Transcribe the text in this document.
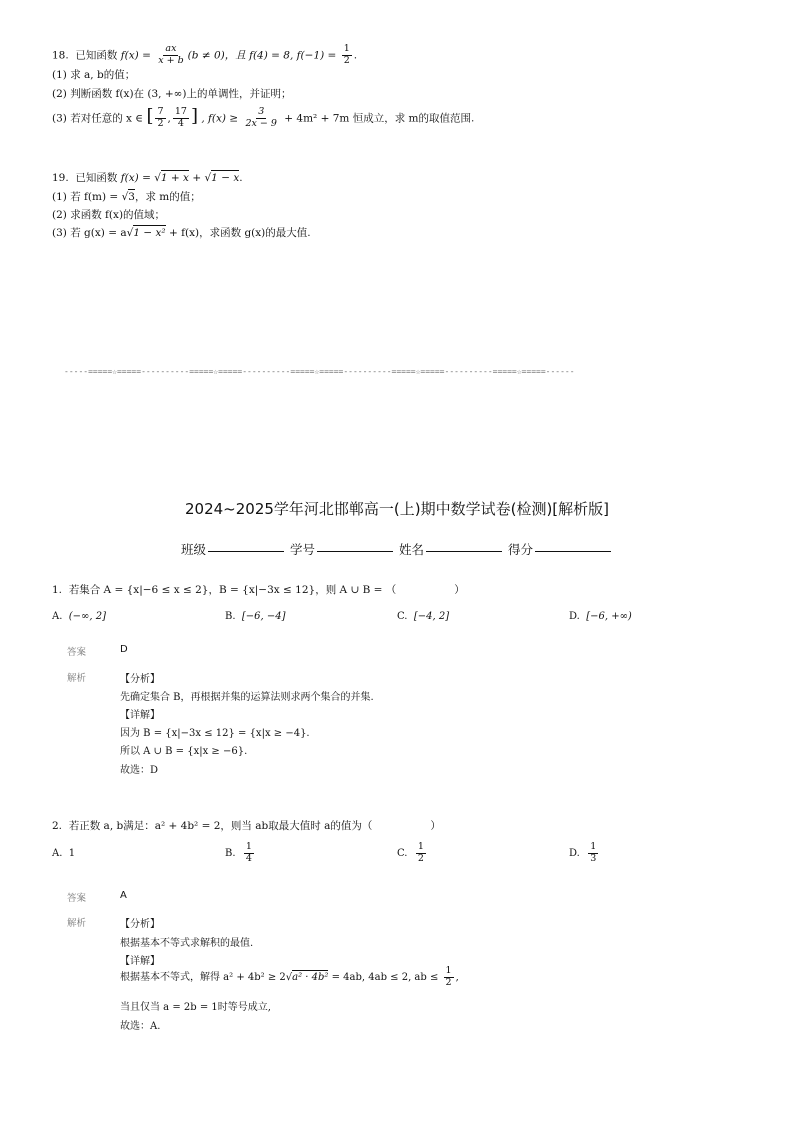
18. 已知函数 $f(x) = \frac{ax}{x + b} (b \ne 0)$，且 f(4) = 8, $f(-1) = \frac{1}{2}$ .
(1) 求 a, b的值；
(2) 判断函数 f(x)在 (3, +∞)上的单调性，并证明；
(3) 若对任意的 x ∈ [ $\frac{7}{2}$ , $\frac{17}{4}$ ] , $f(x) \ge \frac{3}{2x - 9} + 4m^2 + 7m$ 恒成立，求 m的取值范围.
19. 已知函数 f(x) = √1 + x + √1 − x.
(1) 若 f(m) = √3，求 m的值；
(2) 求函数 f(x)的值域；
(3) 若 g(x) = a√1 − x² + f(x)，求函数 g(x)的最大值.
-----=====☆=====----------=====☆=====----------=====☆=====----------=====☆=====----------=====☆=====------
2024~2025学年河北邯郸高一(上)期中数学试卷(检测)[解析版]
班级	学号	姓名	得分
1. 若集合 A = {x|−6 ≤ x ≤ 2}，B = {x|−3x ≤ 12}，则 A ∪ B = （	）
A. (−∞, 2]	B. [−6, −4]	C. [−4, 2]	D. [−6, +∞)
答案	D
解析	【分析】
先确定集合 B，再根据并集的运算法则求两个集合的并集.
【详解】
因为 B = {x|−3x ≤ 12} = {x|x ≥ −4}.
所以 A ∪ B = {x|x ≥ −6}.
故选：D
2. 若正数 a, b满足：a² + 4b² = 2，则当 ab取最大值时 a的值为（	）
A. 1	B. $\frac{1}{4}$	C. $\frac{1}{2}$	D. $\frac{1}{3}$
答案	A
解析	【分析】
根据基本不等式求解积的最值.
【详解】
根据基本不等式，解得 a² + 4b² ≥ 2√a² · 4b² = 4ab, 4ab ≤ 2, ab ≤ $\frac{1}{2}$ ,
当且仅当 a = 2b = 1时等号成立,
故选：A.
